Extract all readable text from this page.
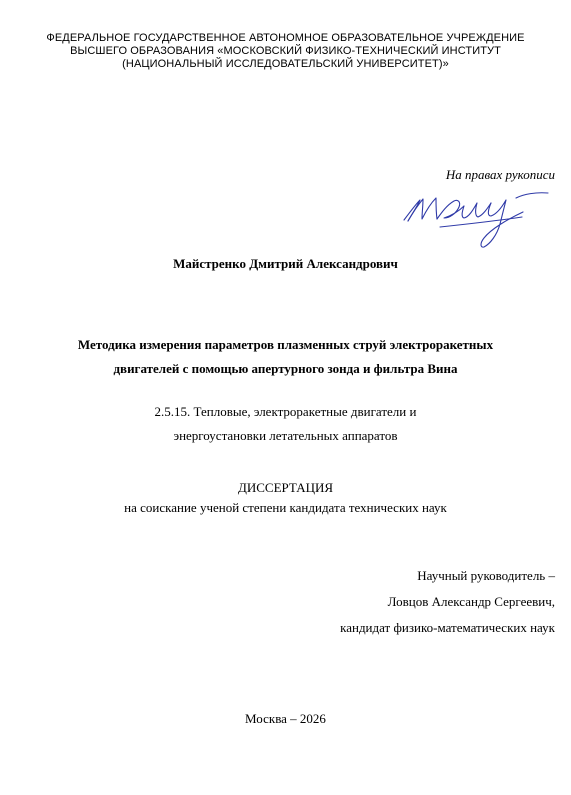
ФЕДЕРАЛЬНОЕ ГОСУДАРСТВЕННОЕ АВТОНОМНОЕ ОБРАЗОВАТЕЛЬНОЕ УЧРЕЖДЕНИЕ
ВЫСШЕГО ОБРАЗОВАНИЯ «МОСКОВСКИЙ ФИЗИКО-ТЕХНИЧЕСКИЙ ИНСТИТУТ
(НАЦИОНАЛЬНЫЙ ИССЛЕДОВАТЕЛЬСКИЙ УНИВЕРСИТЕТ)»
На правах рукописи
Майстренко Дмитрий Александрович
Методика измерения параметров плазменных струй электроракетных
двигателей с помощью апертурного зонда и фильтра Вина
2.5.15. Тепловые, электроракетные двигатели и
энергоустановки летательных аппаратов
ДИССЕРТАЦИЯ
на соискание ученой степени кандидата технических наук
Научный руководитель –
Ловцов Александр Сергеевич,
кандидат физико-математических наук
Москва – 2026
